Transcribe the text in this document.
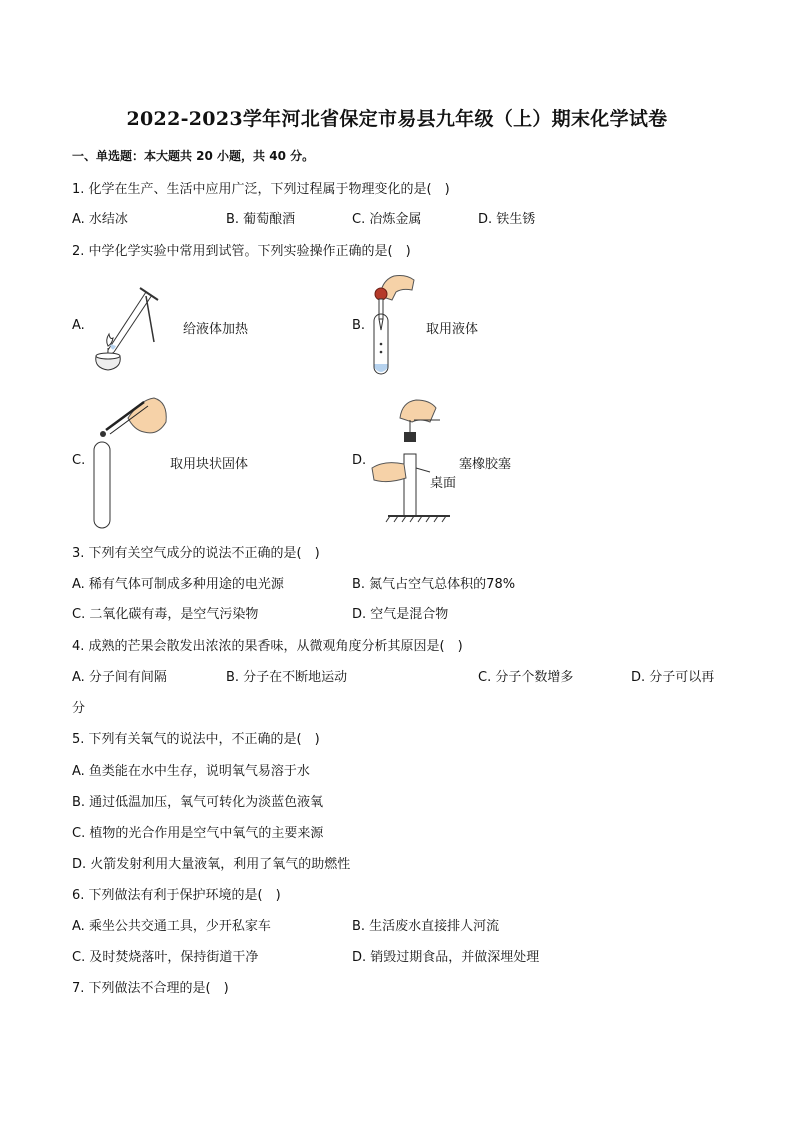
2022-2023学年河北省保定市易县九年级（上）期末化学试卷
一、单选题：本大题共 20 小题，共 40 分。
1. 化学在生产、生活中应用广泛，下列过程属于物理变化的是(　)
A. 水结冰	B. 葡萄酿酒	C. 冶炼金属	D. 铁生锈
2. 中学化学实验中常用到试管。下列实验操作正确的是(　)
A.	给液体加热	B.	取用液体
C.	取用块状固体	D.	塞橡胶塞
桌面
3. 下列有关空气成分的说法不正确的是(　)
A. 稀有气体可制成多种用途的电光源	B. 氮气占空气总体积的78%
C. 二氧化碳有毒，是空气污染物	D. 空气是混合物
4. 成熟的芒果会散发出浓浓的果香味，从微观角度分析其原因是(　)
A. 分子间有间隔	B. 分子在不断地运动	C. 分子个数增多	D. 分子可以再
分
5. 下列有关氧气的说法中，不正确的是(　)
A. 鱼类能在水中生存，说明氧气易溶于水
B. 通过低温加压，氧气可转化为淡蓝色液氧
C. 植物的光合作用是空气中氧气的主要来源
D. 火箭发射利用大量液氧，利用了氧气的助燃性
6. 下列做法有利于保护环境的是(　)
A. 乘坐公共交通工具，少开私家车	B. 生活废水直接排人河流
C. 及时焚烧落叶，保持街道干净	D. 销毁过期食品，并做深埋处理
7. 下列做法不合理的是(　)
